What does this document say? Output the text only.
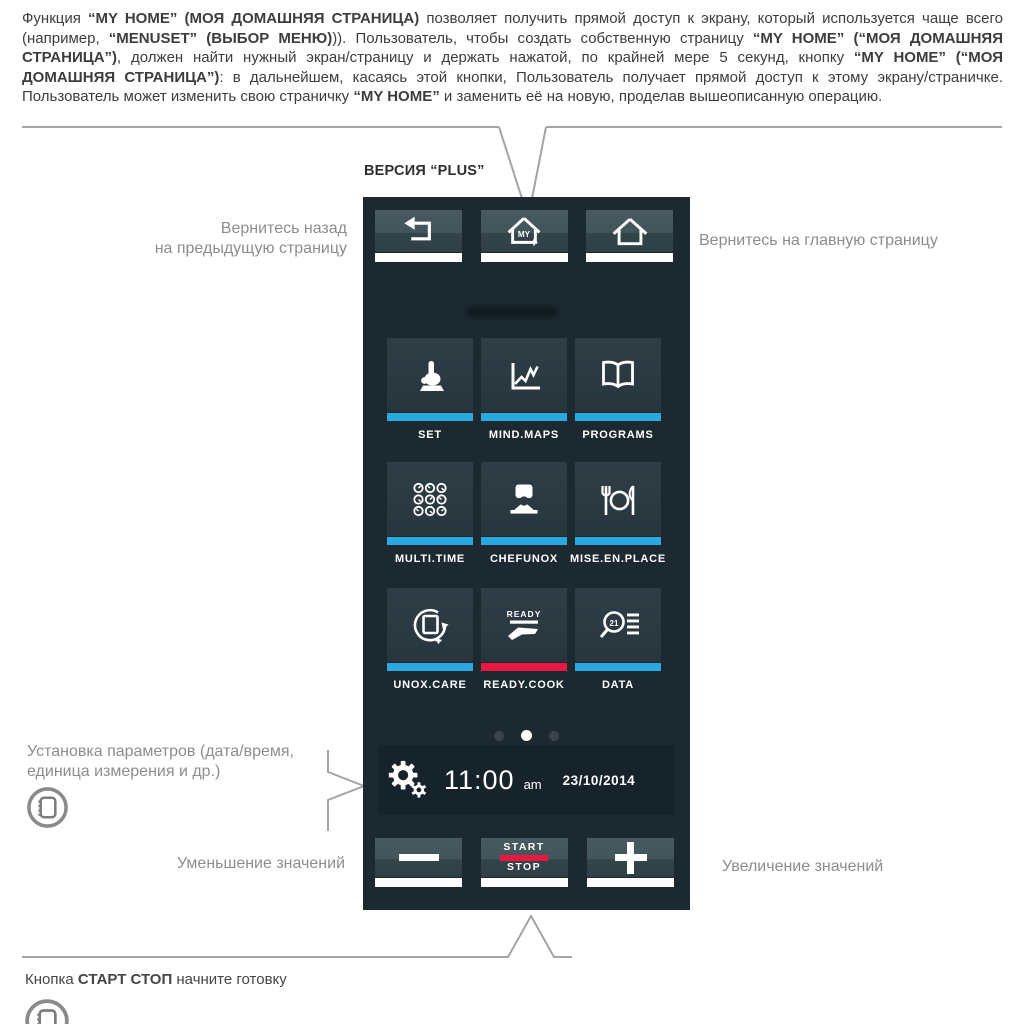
Функция “MY HOME” (МОЯ ДОМАШНЯЯ СТРАНИЦА) позволяет получить прямой доступ к экрану, который используется чаще всего (например, “MENUSET” (ВЫБОР МЕНЮ))). Пользователь, чтобы создать собственную страницу “MY HOME” (“МОЯ ДОМАШНЯЯ СТРАНИЦА”), должен найти нужный экран/страницу и держать нажатой, по крайней мере 5 секунд, кнопку “MY HOME” (“МОЯ ДОМАШНЯЯ СТРАНИЦА”): в дальнейшем, касаясь этой кнопки, Пользователь получает прямой доступ к этому экрану/страничке. Пользователь может изменить свою страничку “MY HOME” и заменить её на новую, проделав вышеописанную операцию.

ВЕРСИЯ “PLUS”
Вернитесь назад
на предыдущую страницу	Вернитесь на главную страницу
Установка параметров (дата/время,
единица измерения и др.)
Уменьшение значений	Увеличение значений
Кнопка СТАРТ СТОП начните готовку
MY
SET	MIND.MAPS	PROGRAMS
MULTI.TIME	CHEFUNOX	MISE.EN.PLACE
UNOX.CARE
READY
READY.COOK
21
DATA
11:00 am 23/10/2014
START
STOP
